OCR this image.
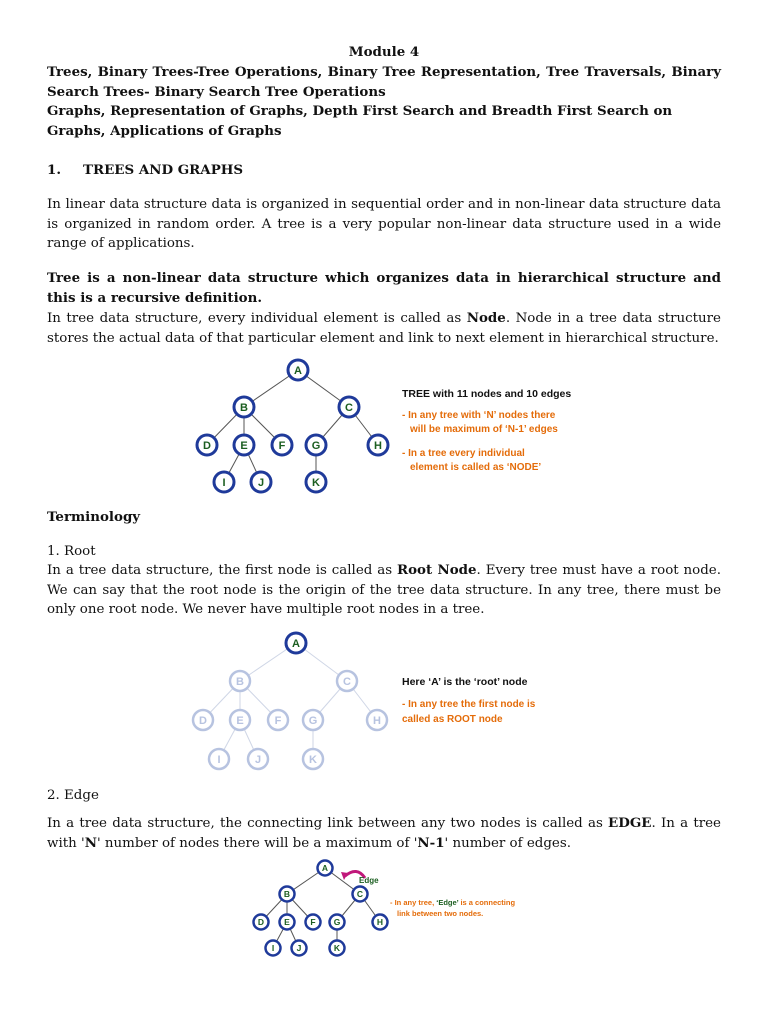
Module 4

Trees, Binary Trees-Tree Operations, Binary Tree Representation, Tree Traversals, Binary Search Trees- Binary Search Tree Operations

Graphs, Representation of Graphs, Depth First Search and Breadth First Search on Graphs, Applications of Graphs

1. TREES AND GRAPHS

In linear data structure data is organized in sequential order and in non-linear data structure data is organized in random order. A tree is a very popular non-linear data structure used in a wide range of applications.

Tree is a non-linear data structure which organizes data in hierarchical structure and this is a recursive definition.

In tree data structure, every individual element is called as Node. Node in a tree data structure stores the actual data of that particular element and link to next element in hierarchical structure.

A
B	C
D	E	F G	H
I	J	K
TREE with 11 nodes and 10 edges
- In any tree with ‘N’ nodes there
will be maximum of ‘N-1’ edges
- In a tree every individual
element is called as ‘NODE’

Terminology

1. Root

In a tree data structure, the first node is called as Root Node. Every tree must have a root node. We can say that the root node is the origin of the tree data structure. In any tree, there must be only one root node. We never have multiple root nodes in a tree.

A
B	C
D	E	F G	H
I	J	K
Here ‘A’ is the ‘root’ node
- In any tree the first node is
called as ROOT node

2. Edge

In a tree data structure, the connecting link between any two nodes is called as EDGE. In a tree with 'N' number of nodes there will be a maximum of 'N-1' number of edges.

A
B	C
D E F G	H
I	J	K
Edge
- In any tree, ‘Edge’ is a connecting
link between two nodes.
